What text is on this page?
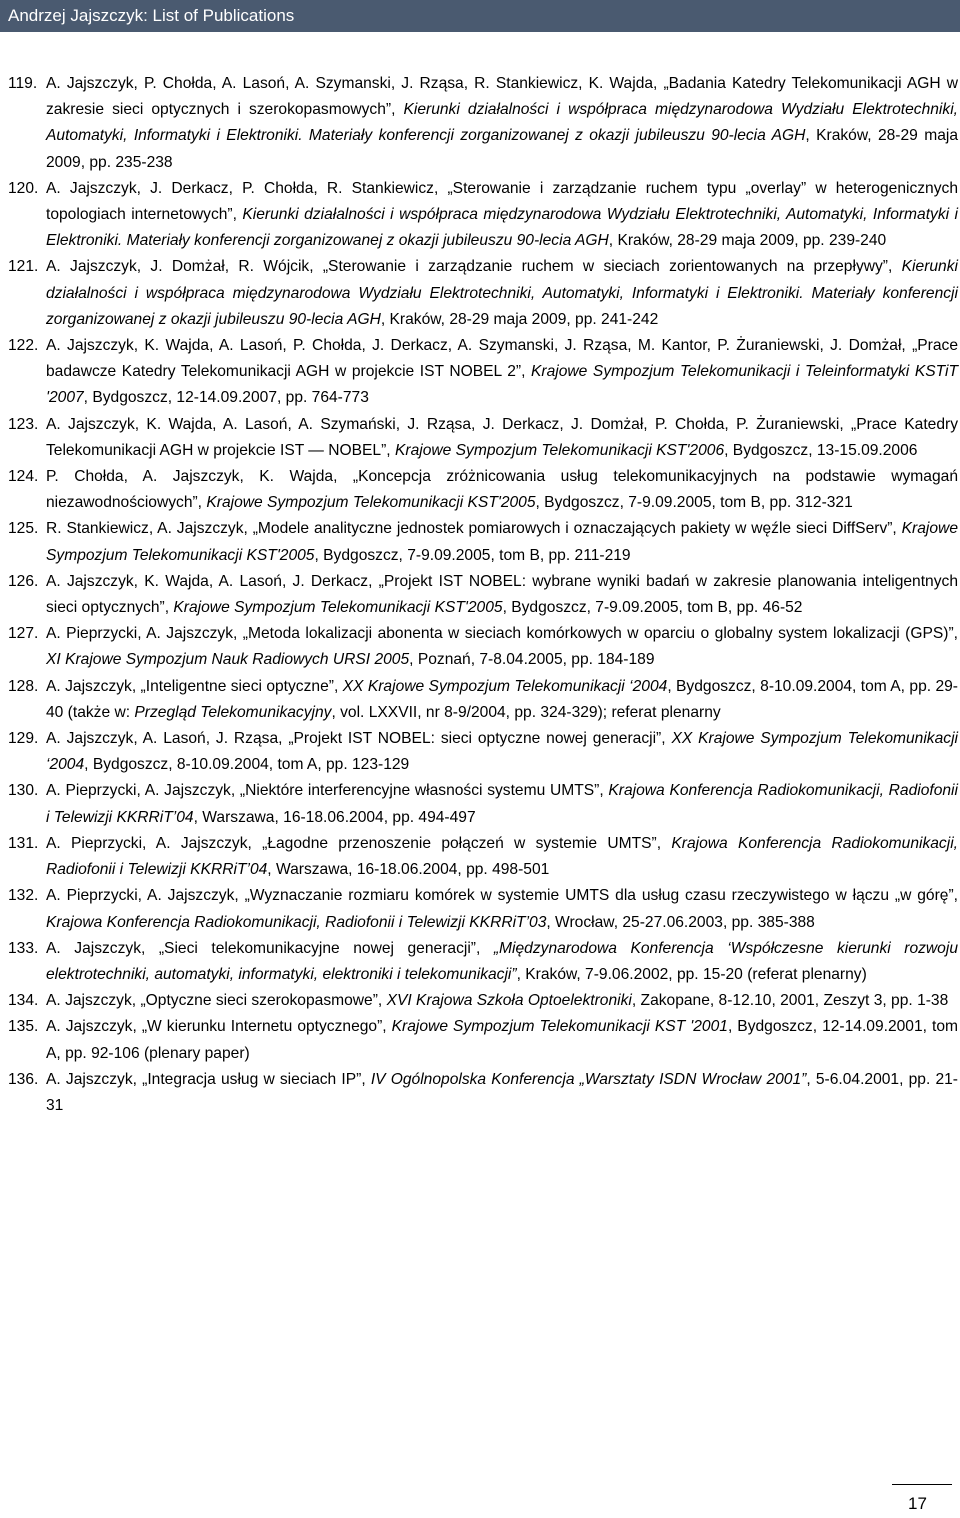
Andrzej Jajszczyk: List of Publications
119. A. Jajszczyk, P. Chołda, A. Lasoń, A. Szymanski, J. Rząsa, R. Stankiewicz, K. Wajda, „Badania Katedry Telekomunikacji AGH w zakresie sieci optycznych i szerokopasmowych”, Kierunki działalności i współpraca międzynarodowa Wydziału Elektrotechniki, Automatyki, Informatyki i Elektroniki. Materiały konferencji zorganizowanej z okazji jubileuszu 90-lecia AGH, Kraków, 28-29 maja 2009, pp. 235-238
120. A. Jajszczyk, J. Derkacz, P. Chołda, R. Stankiewicz, „Sterowanie i zarządzanie ruchem typu „overlay” w heterogenicznych topologiach internetowych”, Kierunki działalności i współpraca międzynarodowa Wydziału Elektrotechniki, Automatyki, Informatyki i Elektroniki. Materiały konferencji zorganizowanej z okazji jubileuszu 90-lecia AGH, Kraków, 28-29 maja 2009, pp. 239-240
121. A. Jajszczyk, J. Domżał, R. Wójcik, „Sterowanie i zarządzanie ruchem w sieciach zorientowanych na przepływy”, Kierunki działalności i współpraca międzynarodowa Wydziału Elektrotechniki, Automatyki, Informatyki i Elektroniki. Materiały konferencji zorganizowanej z okazji jubileuszu 90-lecia AGH, Kraków, 28-29 maja 2009, pp. 241-242
122. A. Jajszczyk, K. Wajda, A. Lasoń, P. Chołda, J. Derkacz, A. Szymanski, J. Rząsa, M. Kantor, P. Żuraniewski, J. Domżał, „Prace badawcze Katedry Telekomunikacji AGH w projekcie IST NOBEL 2”, Krajowe Sympozjum Telekomunikacji i Teleinformatyki KSTiT '2007, Bydgoszcz, 12-14.09.2007, pp. 764-773
123. A. Jajszczyk, K. Wajda, A. Lasoń, A. Szymański, J. Rząsa, J. Derkacz, J. Domżał, P. Chołda, P. Żuraniewski, „Prace Katedry Telekomunikacji AGH w projekcie IST — NOBEL”, Krajowe Sympozjum Telekomunikacji KST'2006, Bydgoszcz, 13-15.09.2006
124. P. Chołda, A. Jajszczyk, K. Wajda, „Koncepcja zróżnicowania usług telekomunikacyjnych na podstawie wymagań niezawodnościowych”, Krajowe Sympozjum Telekomunikacji KST'2005, Bydgoszcz, 7-9.09.2005, tom B, pp. 312-321
125. R. Stankiewicz, A. Jajszczyk, „Modele analityczne jednostek pomiarowych i oznaczających pakiety w węźle sieci DiffServ”, Krajowe Sympozjum Telekomunikacji KST'2005, Bydgoszcz, 7-9.09.2005, tom B, pp. 211-219
126. A. Jajszczyk, K. Wajda, A. Lasoń, J. Derkacz, „Projekt IST NOBEL: wybrane wyniki badań w zakresie planowania inteligentnych sieci optycznych”, Krajowe Sympozjum Telekomunikacji KST'2005, Bydgoszcz, 7-9.09.2005, tom B, pp. 46-52
127. A. Pieprzycki, A. Jajszczyk, „Metoda lokalizacji abonenta w sieciach komórkowych w oparciu o globalny system lokalizacji (GPS)”, XI Krajowe Sympozjum Nauk Radiowych URSI 2005, Poznań, 7-8.04.2005, pp. 184-189
128. A. Jajszczyk, „Inteligentne sieci optyczne”, XX Krajowe Sympozjum Telekomunikacji ‘2004, Bydgoszcz, 8-10.09.2004, tom A, pp. 29-40 (także w: Przegląd Telekomunikacyjny, vol. LXXVII, nr 8-9/2004, pp. 324-329); referat plenarny
129. A. Jajszczyk, A. Lasoń, J. Rząsa, „Projekt IST NOBEL: sieci optyczne nowej generacji”, XX Krajowe Sympozjum Telekomunikacji ‘2004, Bydgoszcz, 8-10.09.2004, tom A, pp. 123-129
130. A. Pieprzycki, A. Jajszczyk, „Niektóre interferencyjne własności systemu UMTS”, Krajowa Konferencja Radiokomunikacji, Radiofonii i Telewizji KKRRiT’04, Warszawa, 16-18.06.2004, pp. 494-497
131. A. Pieprzycki, A. Jajszczyk, „Łagodne przenoszenie połączeń w systemie UMTS”, Krajowa Konferencja Radiokomunikacji, Radiofonii i Telewizji KKRRiT’04, Warszawa, 16-18.06.2004, pp. 498-501
132. A. Pieprzycki, A. Jajszczyk, „Wyznaczanie rozmiaru komórek w systemie UMTS dla usług czasu rzeczywistego w łączu „w górę”, Krajowa Konferencja Radiokomunikacji, Radiofonii i Telewizji KKRRiT’03, Wrocław, 25-27.06.2003, pp. 385-388
133. A. Jajszczyk, „Sieci telekomunikacyjne nowej generacji”, „Międzynarodowa Konferencja ‘Współczesne kierunki rozwoju elektrotechniki, automatyki, informatyki, elektroniki i telekomunikacji”, Kraków, 7-9.06.2002, pp. 15-20 (referat plenarny)
134. A. Jajszczyk, „Optyczne sieci szerokopasmowe”, XVI Krajowa Szkoła Optoelektroniki, Zakopane, 8-12.10, 2001, Zeszyt 3, pp. 1-38
135. A. Jajszczyk, „W kierunku Internetu optycznego”, Krajowe Sympozjum Telekomunikacji KST '2001, Bydgoszcz, 12-14.09.2001, tom A, pp. 92-106 (plenary paper)
136. A. Jajszczyk, „Integracja usług w sieciach IP”, IV Ogólnopolska Konferencja „Warsztaty ISDN Wrocław 2001”, 5-6.04.2001, pp. 21-31
17
